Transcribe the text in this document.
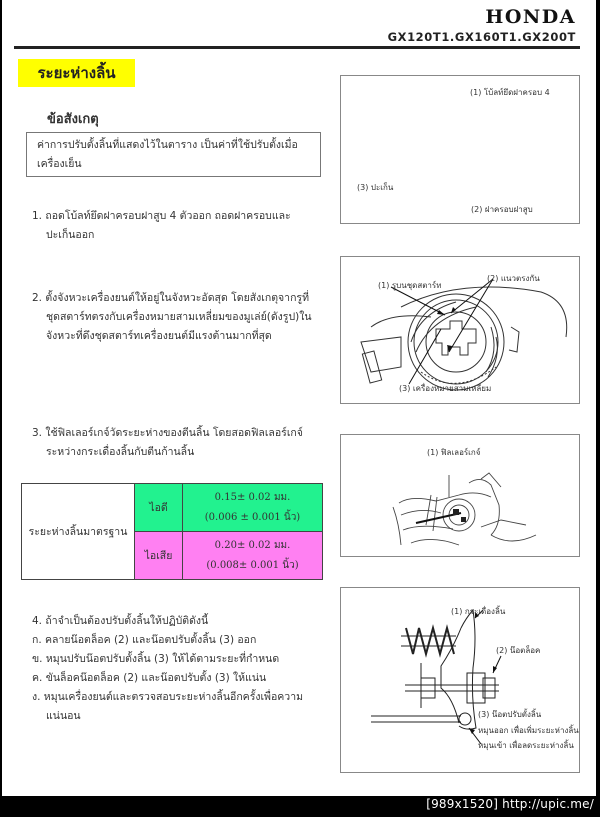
HONDA
GX120T1.GX160T1.GX200T
ระยะห่างลิ้น
ข้อสังเกตุ
ค่าการปรับตั้งลิ้นที่แสดงไว้ในตาราง เป็นค่าที่ใช้ปรับตั้งเมื่อ
เครื่องเย็น
1. ถอดโบ้ลท์ยึดฝาครอบฝาสูบ 4 ตัวออก ถอดฝาครอบและ
ปะเก็นออก
2. ตั้งจังหวะเครื่องยนต์ให้อยู่ในจังหวะอัดสุด โดยสังเกตุจากรูที่
ชุดสตาร์ทตรงกับเครื่องหมายสามเหลี่ยมของมูเล่ย์(ดังรูป)ใน
จังหวะที่ดึงชุดสตาร์ทเครื่องยนต์มีแรงต้านมากที่สุด
3. ใช้ฟิลเลอร์เกจ์วัดระยะห่างของตีนลิ้น โดยสอดฟิลเลอร์เกจ์
ระหว่างกระเดื่องลิ้นกับตีนก้านลิ้น
ระยะห่างลิ้นมาตรฐาน	ไอดี	0.15± 0.02 มม.
(0.006 ± 0.001 นิ้ว)

	ไอเสีย	0.20± 0.02 มม.
(0.008± 0.001 นิ้ว)
4. ถ้าจำเป็นต้องปรับตั้งลิ้นให้ปฏิบัติดังนี้
ก. คลายน๊อตล็อค (2) และน๊อตปรับตั้งลิ้น (3) ออก
ข. หมุนปรับน๊อตปรับตั้งลิ้น (3) ให้ได้ตามระยะที่กำหนด
ค. ขันล็อคน๊อตล็อค (2) และน๊อตปรับตั้ง (3) ให้แน่น
ง. หมุนเครื่องยนต์และตรวจสอบระยะห่างลิ้นอีกครั้งเพื่อความ
แน่นอน
(1) โบ้ลท์ยึดฝาครอบ 4
(3) ปะเก็น
(2) ฝาครอบฝาสูบ
(1) รูบนชุดสตาร์ท
(2) แนวตรงกัน
(3) เครื่องหมายสามเหลี่ยม
(1) ฟิลเลอร์เกจ์
(1) กระเดื่องลิ้น
(2) น๊อตล็อค
(3) น๊อตปรับตั้งลิ้น
หมุนออก เพื่อเพิ่มระยะห่างลิ้น
หมุนเข้า เพื่อลดระยะห่างลิ้น
[989x1520] http://upic.me/
